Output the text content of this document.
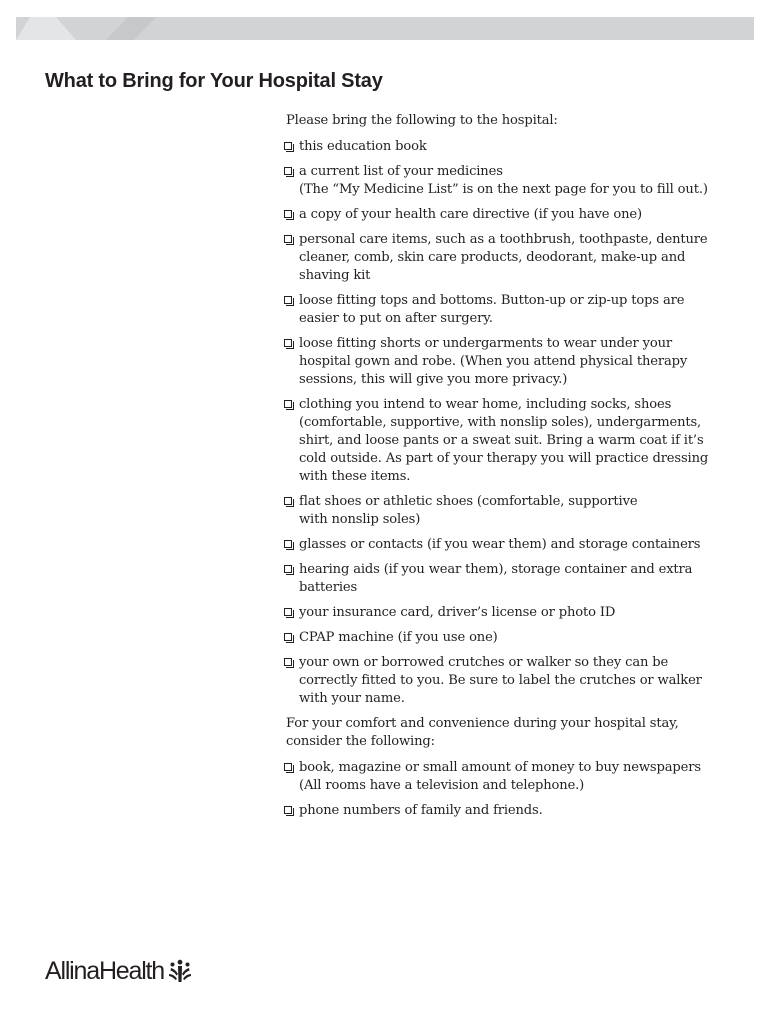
What to Bring for Your Hospital Stay

Please bring the following to the hospital:

this education book
a current list of your medicines
(The “My Medicine List” is on the next page for you to fill out.)
a copy of your health care directive (if you have one)
personal care items, such as a toothbrush, toothpaste, denture
cleaner, comb, skin care products, deodorant, make-up and
shaving kit
loose fitting tops and bottoms. Button-up or zip-up tops are
easier to put on after surgery.
loose fitting shorts or undergarments to wear under your
hospital gown and robe. (When you attend physical therapy
sessions, this will give you more privacy.)
clothing you intend to wear home, including socks, shoes
(comfortable, supportive, with nonslip soles), undergarments,
shirt, and loose pants or a sweat suit. Bring a warm coat if it’s
cold outside. As part of your therapy you will practice dressing
with these items.
flat shoes or athletic shoes (comfortable, supportive
with nonslip soles)
glasses or contacts (if you wear them) and storage containers
hearing aids (if you wear them), storage container and extra
batteries
your insurance card, driver’s license or photo ID
CPAP machine (if you use one)
your own or borrowed crutches or walker so they can be
correctly fitted to you. Be sure to label the crutches or walker
with your name.

For your comfort and convenience during your hospital stay,
consider the following:

book, magazine or small amount of money to buy newspapers
(All rooms have a television and telephone.)
phone numbers of family and friends.
AllinaHealth
